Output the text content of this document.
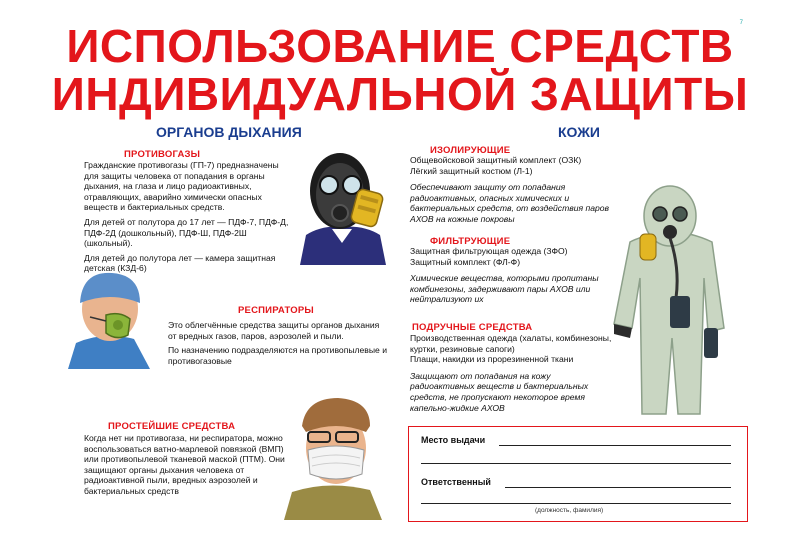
7
ИСПОЛЬЗОВАНИЕ СРЕДСТВ
ИНДИВИДУАЛЬНОЙ ЗАЩИТЫ
ОРГАНОВ ДЫХАНИЯ
ПРОТИВОГАЗЫ

Гражданские противогазы (ГП-7) предназначены для защиты человека от попадания в органы дыхания, на глаза и лицо радиоактивных, отравляющих, аварийно химически опасных веществ и бактериальных средств.

Для детей от полутора до 17 лет — ПДФ-7, ПДФ-Д, ПДФ-2Д (дошкольный), ПДФ-Ш, ПДФ-2Ш (школьный).

Для детей до полутора лет — камера защитная детская (КЗД-6)

РЕСПИРАТОРЫ

Это облегчённые средства защиты органов дыхания от вредных газов, паров, аэрозолей и пыли.

По назначению подразделяются на противопылевые и противогазовые

ПРОСТЕЙШИЕ СРЕДСТВА

Когда нет ни противогаза, ни респиратора, можно воспользоваться ватно-марлевой повязкой (ВМП) или противопылевой тканевой маской (ПТМ). Они защищают органы дыхания человека от радиоактивной пыли, вредных аэрозолей и бактериальных средств

КОЖИ
ИЗОЛИРУЮЩИЕ

Общевойсковой защитный комплект (ОЗК)

Лёгкий защитный костюм (Л-1)

Обеспечивают защиту от попадания радиоактивных, опасных химических и бактериальных средств, от воздействия паров АХОВ на кожные покровы

ФИЛЬТРУЮЩИЕ

Защитная фильтрующая одежда (ЗФО)

Защитный комплект (ФЛ-Ф)

Химические вещества, которыми пропитаны комбинезоны, задерживают пары АХОВ или нейтрализуют их

ПОДРУЧНЫЕ СРЕДСТВА

Производственная одежда (халаты, комбинезоны, куртки, резиновые сапоги)

Плащи, накидки из прорезиненной ткани

Защищают от попадания на кожу радиоактивных веществ и бактериальных средств, не пропускают некоторое время капельно-жидкие АХОВ

Место выдачи
Ответственный
(должность, фамилия)
